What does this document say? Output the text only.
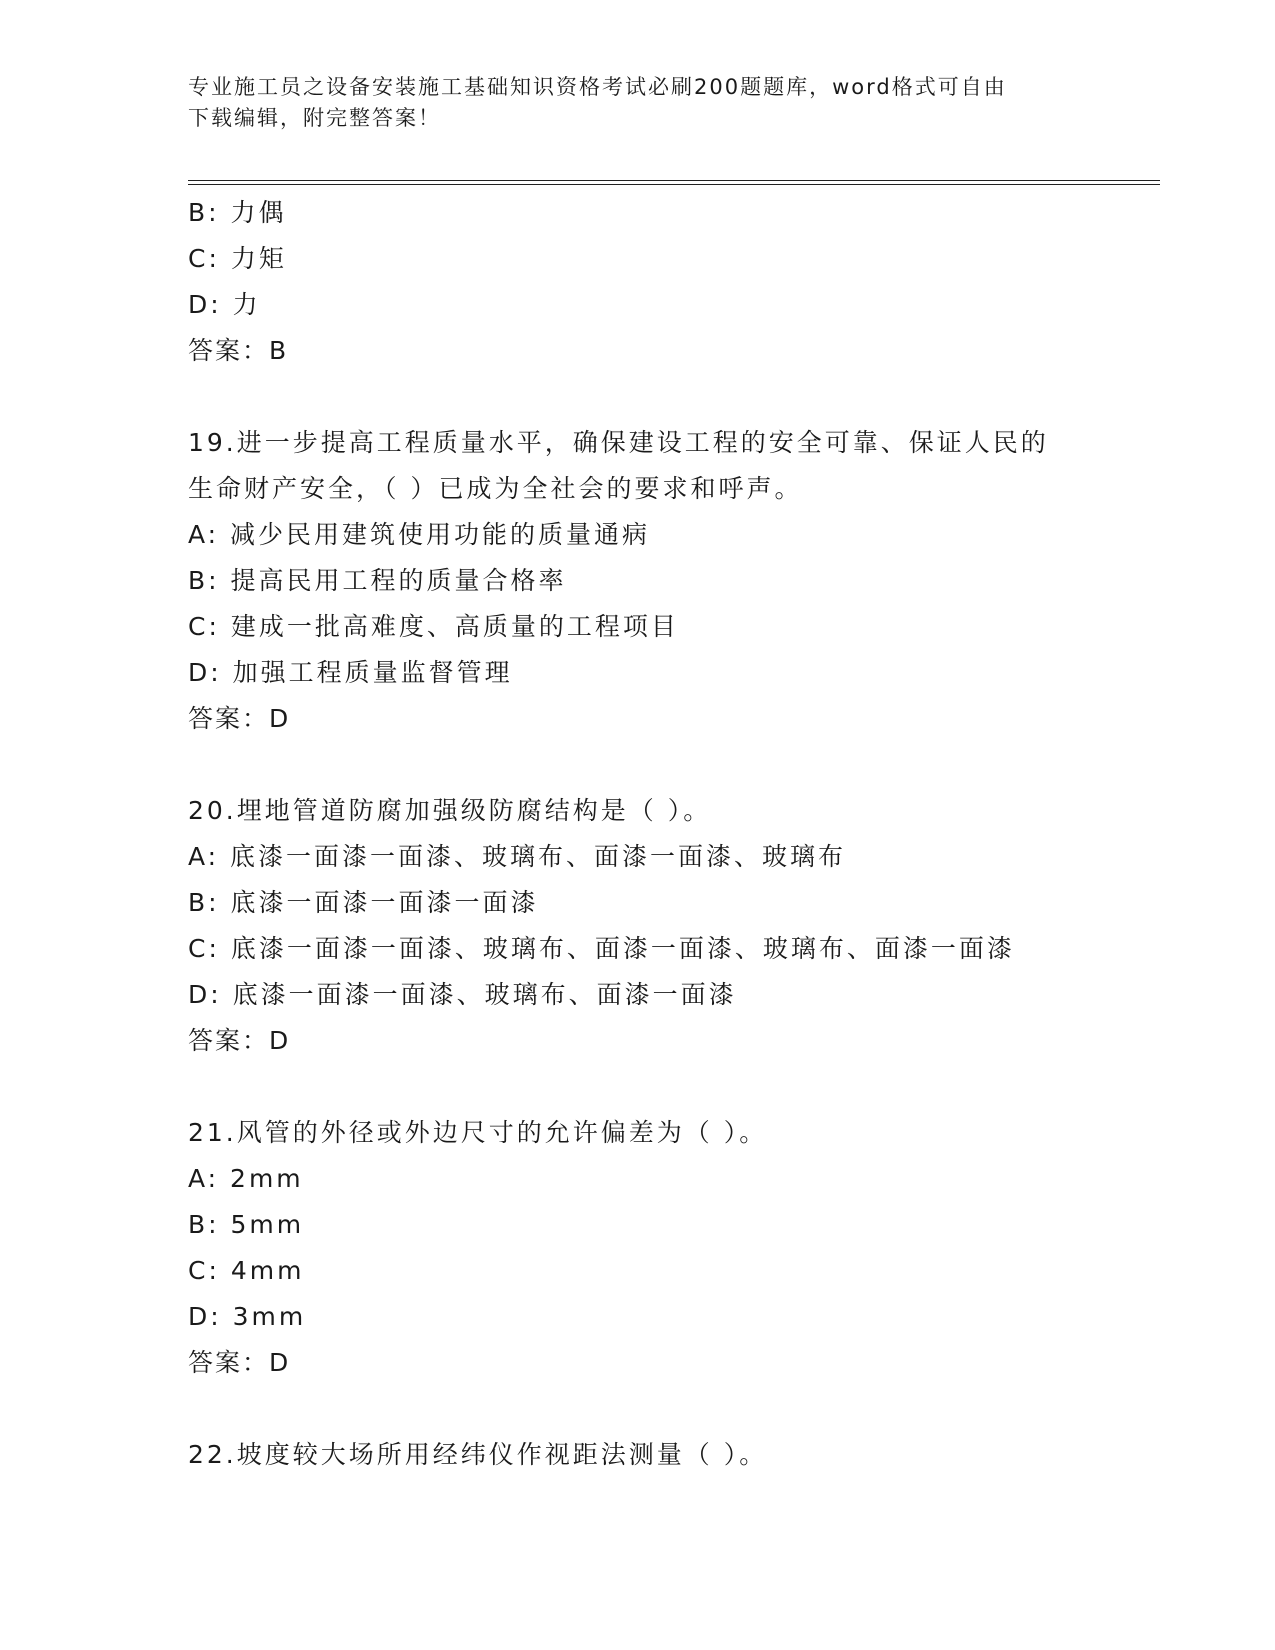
专业施工员之设备安装施工基础知识资格考试必刷200题题库，word格式可自由
下载编辑，附完整答案！
B: 力偶
C: 力矩
D: 力
答案：B
19.进一步提高工程质量水平，确保建设工程的安全可靠、保证人民的
生命财产安全，（ ）已成为全社会的要求和呼声。
A: 减少民用建筑使用功能的质量通病
B: 提高民用工程的质量合格率
C: 建成一批高难度、高质量的工程项目
D: 加强工程质量监督管理
答案：D
20.埋地管道防腐加强级防腐结构是（ ）。
A: 底漆一面漆一面漆、玻璃布、面漆一面漆、玻璃布
B: 底漆一面漆一面漆一面漆
C: 底漆一面漆一面漆、玻璃布、面漆一面漆、玻璃布、面漆一面漆
D: 底漆一面漆一面漆、玻璃布、面漆一面漆
答案：D
21.风管的外径或外边尺寸的允许偏差为（ ）。
A: 2mm
B: 5mm
C: 4mm
D: 3mm
答案：D
22.坡度较大场所用经纬仪作视距法测量（ ）。
